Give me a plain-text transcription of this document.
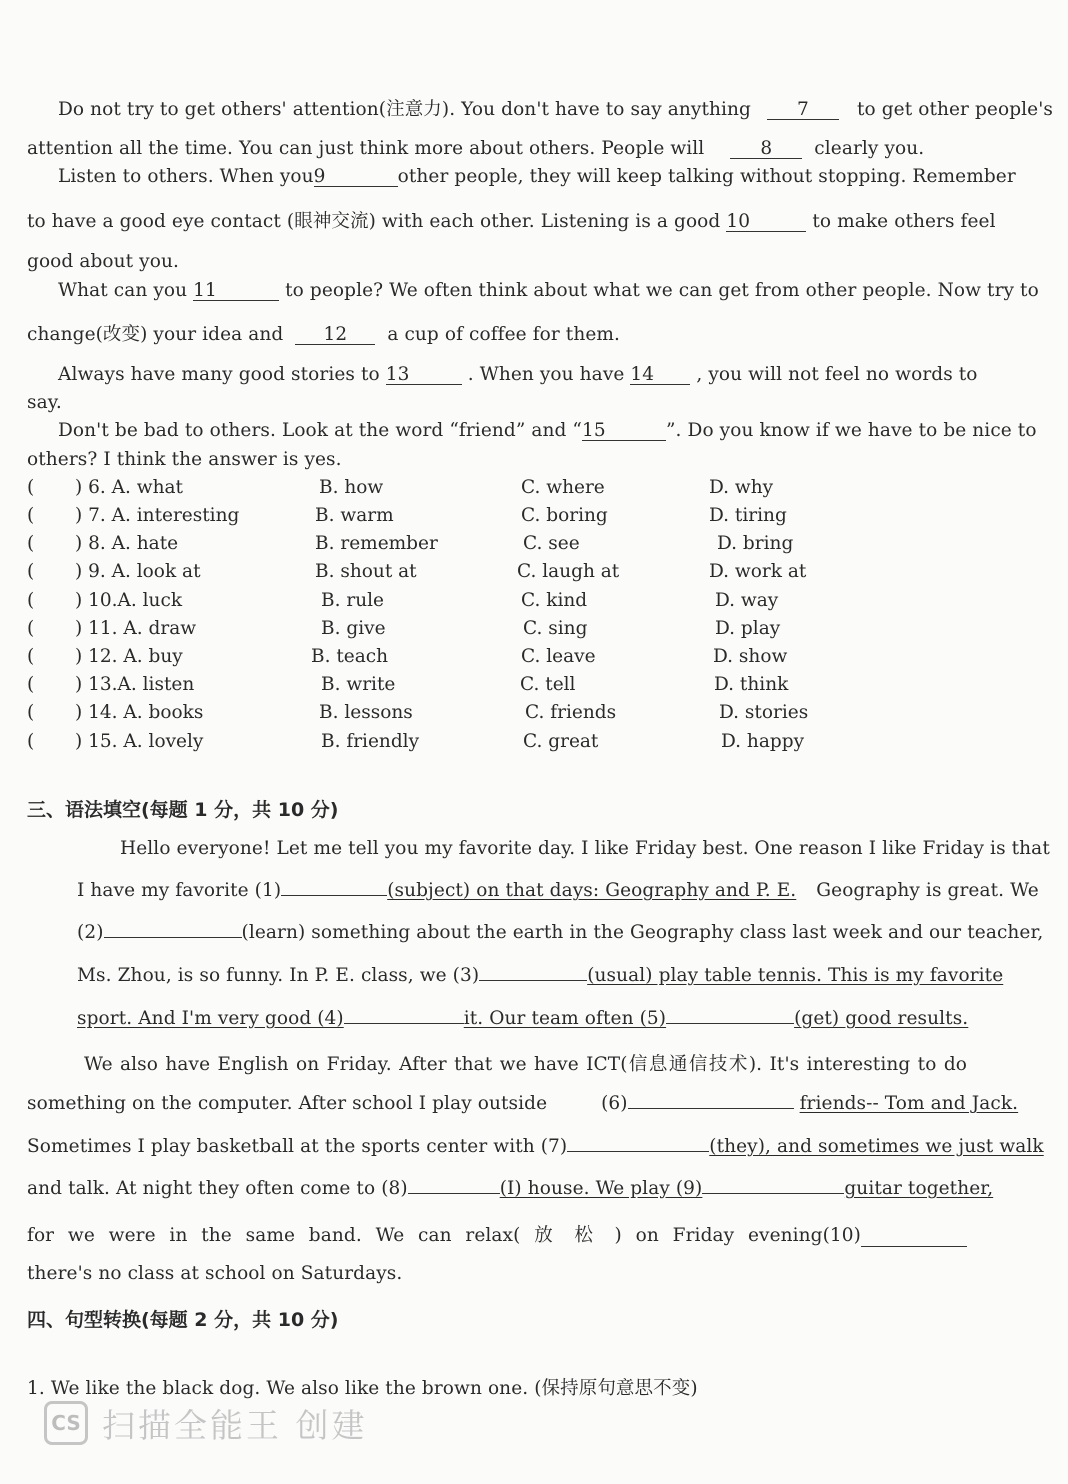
Do not try to get others' attention(注意力). You don't have to say anything 7	to get other people's
attention all the time. You can just think more about others. People will	8 clearly you.
Listen to others. When you9	other people, they will keep talking without stopping. Remember
to have a good eye contact (眼神交流) with each other. Listening is a good 10	to make others feel
good about you.
What can you 11	to people? We often think about what we can get from other people. Now try to
change(改变) your idea and 12 a cup of coffee for them.
Always have many good stories to 13	. When you have 14 , you will not feel no words to
say.
Don't be bad to others. Look at the word “friend” and “15	”. Do you know if we have to be nice to
others? I think the answer is yes.
( ) 6. A. what	B. how	C. where	D. why
( ) 7. A. interesting	B. warm	C. boring	D. tiring
( ) 8. A. hate	B. remember	C. see	D. bring
( ) 9. A. look at	B. shout at	C. laugh at	D. work at
( ) 10.A. luck	B. rule	C. kind	D. way
( ) 11. A. draw	B. give	C. sing	D. play
( ) 12. A. buy	B. teach	C. leave	D. show
( ) 13.A. listen	B. write	C. tell	D. think
( ) 14. A. books	B. lessons	C. friends	D. stories
( ) 15. A. lovely	B. friendly	C. great	D. happy
三、语法填空(每题 1 分，共 10 分)
Hello everyone! Let me tell you my favorite day. I like Friday best. One reason I like Friday is that
I have my favorite (1)	(subject) on that days: Geography and P. E. Geography is great. We
(2)	(learn) something about the earth in the Geography class last week and our teacher,
Ms. Zhou, is so funny. In P. E. class, we (3)	(usual) play table tennis. This is my favorite
sport. And I'm very good (4)	it. Our team often (5)	(get) good results.
We also have English on Friday. After that we have ICT(信息通信技术). It's interesting to do
something on the computer. After school I play outside	(6)	friends-- Tom and Jack.
Sometimes I play basketball at the sports center with (7)	(they), and sometimes we just walk
and talk. At night they often come to (8)	(I) house. We play (9)	guitar together,
for we were in the same band. We can relax( 放 松 ) on Friday evening(10)
there's no class at school on Saturdays.
四、句型转换(每题 2 分，共 10 分)
1. We like the black dog. We also like the brown one. (保持原句意思不变)
CS 扫描全能王 创建
